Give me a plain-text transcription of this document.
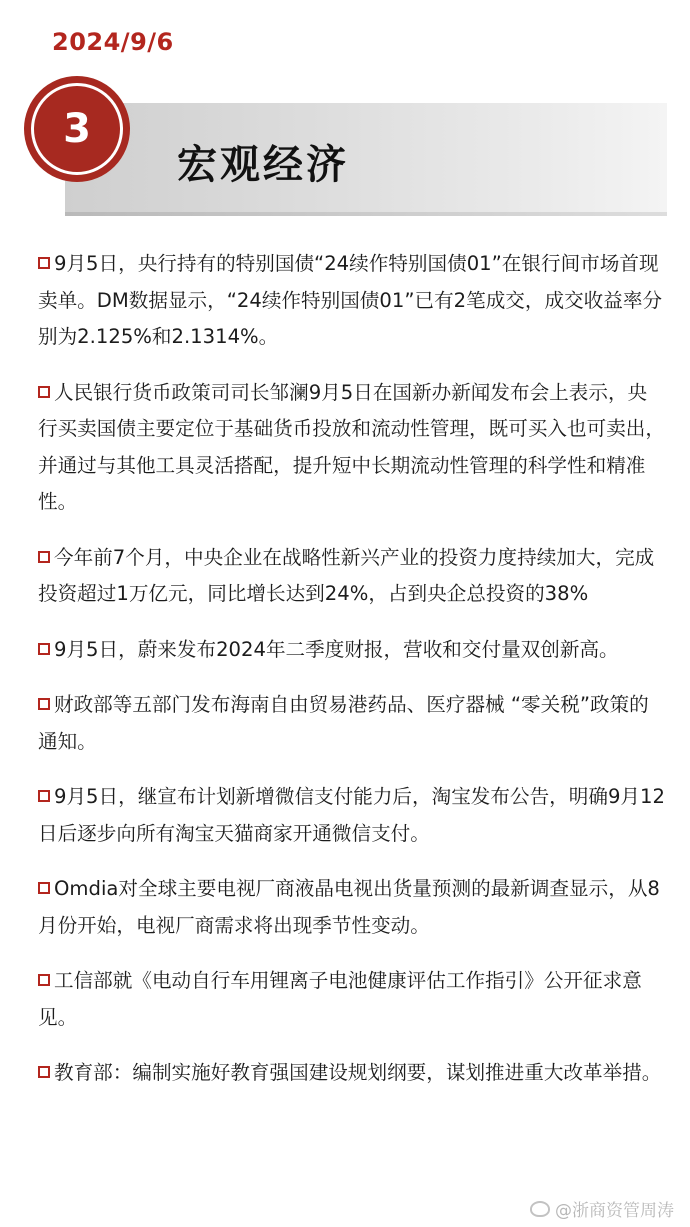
2024/9/6
宏观经济
3
9月5日，央行持有的特别国债“24续作特别国债01”在银行间市场首现卖单。DM数据显示，“24续作特别国债01”已有2笔成交，成交收益率分别为2.125%和2.1314%。
人民银行货币政策司司长邹澜9月5日在国新办新闻发布会上表示，央行买卖国债主要定位于基础货币投放和流动性管理，既可买入也可卖出，并通过与其他工具灵活搭配，提升短中长期流动性管理的科学性和精准性。
今年前7个月，中央企业在战略性新兴产业的投资力度持续加大，完成投资超过1万亿元，同比增长达到24%，占到央企总投资的38%
9月5日，蔚来发布2024年二季度财报，营收和交付量双创新高。
财政部等五部门发布海南自由贸易港药品、医疗器械 “零关税”政策的通知。
9月5日，继宣布计划新增微信支付能力后，淘宝发布公告，明确9月12日后逐步向所有淘宝天猫商家开通微信支付。
Omdia对全球主要电视厂商液晶电视出货量预测的最新调查显示，从8月份开始，电视厂商需求将出现季节性变动。
工信部就《电动自行车用锂离子电池健康评估工作指引》公开征求意见。
教育部：编制实施好教育强国建设规划纲要，谋划推进重大改革举措。
@浙商资管周涛
